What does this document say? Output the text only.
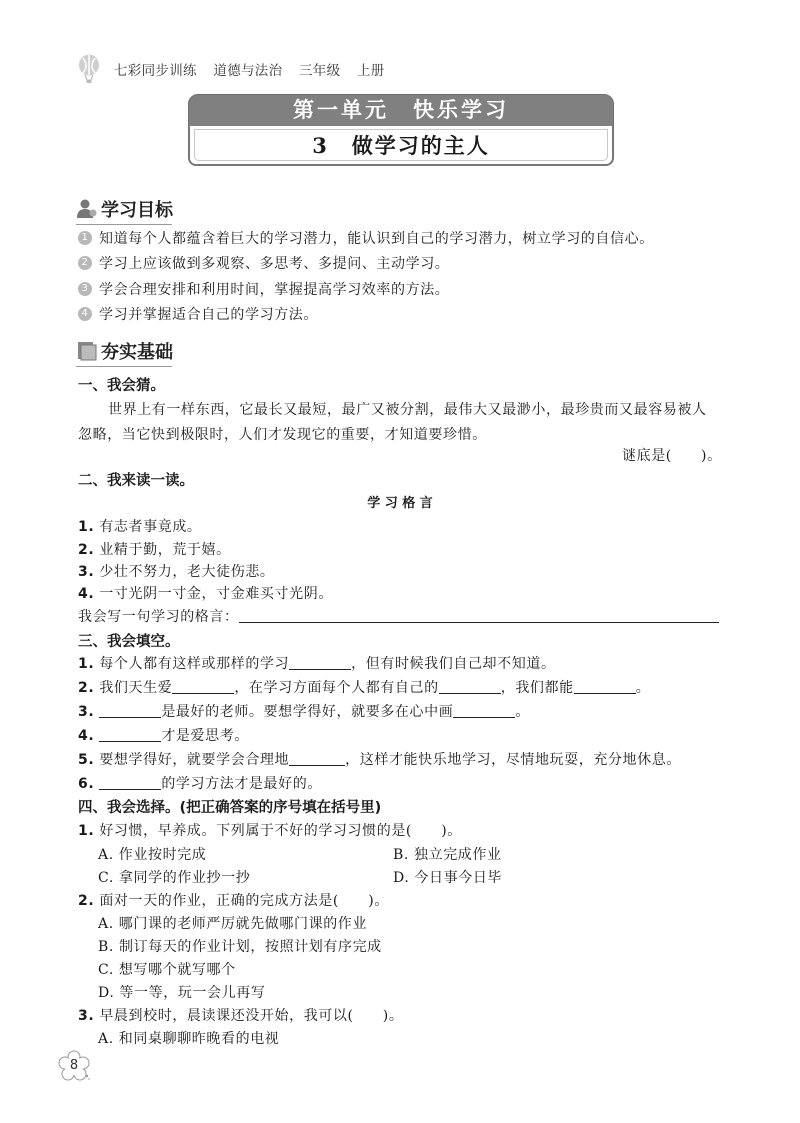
七彩同步训练 道德与法治 三年级 上册
第一单元　快乐学习
3　做学习的主人
学习目标
1 知道每个人都蕴含着巨大的学习潜力，能认识到自己的学习潜力，树立学习的自信心。
2 学习上应该做到多观察、多思考、多提问、主动学习。
3 学会合理安排和利用时间，掌握提高学习效率的方法。
4 学习并掌握适合自己的学习方法。
夯实基础
一、我会猜。
世界上有一样东西，它最长又最短，最广又被分割，最伟大又最渺小，最珍贵而又最容易被人
忽略，当它快到极限时，人们才发现它的重要，才知道要珍惜。
谜底是(　　)。
二、我来读一读。
学 习 格 言
1. 有志者事竟成。
2. 业精于勤，荒于嬉。
3. 少壮不努力，老大徒伤悲。
4. 一寸光阴一寸金，寸金难买寸光阴。
我会写一句学习的格言：
三、我会填空。
1. 每个人都有这样或那样的学习	，但有时候我们自己却不知道。
2. 我们天生爱	，在学习方面每个人都有自己的	，我们都能	。
3.	是最好的老师。要想学得好，就要多在心中画	。
4.	才是爱思考。
5. 要想学得好，就要学会合理地	，这样才能快乐地学习，尽情地玩耍，充分地休息。
6.	的学习方法才是最好的。
四、我会选择。(把正确答案的序号填在括号里)
1. 好习惯，早养成。下列属于不好的学习习惯的是(　　)。
A. 作业按时完成	B. 独立完成作业
C. 拿同学的作业抄一抄	D. 今日事今日毕
2. 面对一天的作业，正确的完成方法是(　　)。
A. 哪门课的老师严厉就先做哪门课的作业
B. 制订每天的作业计划，按照计划有序完成
C. 想写哪个就写哪个
D. 等一等，玩一会儿再写
3. 早晨到校时，晨读课还没开始，我可以(　　)。
A. 和同桌聊聊昨晚看的电视
8
